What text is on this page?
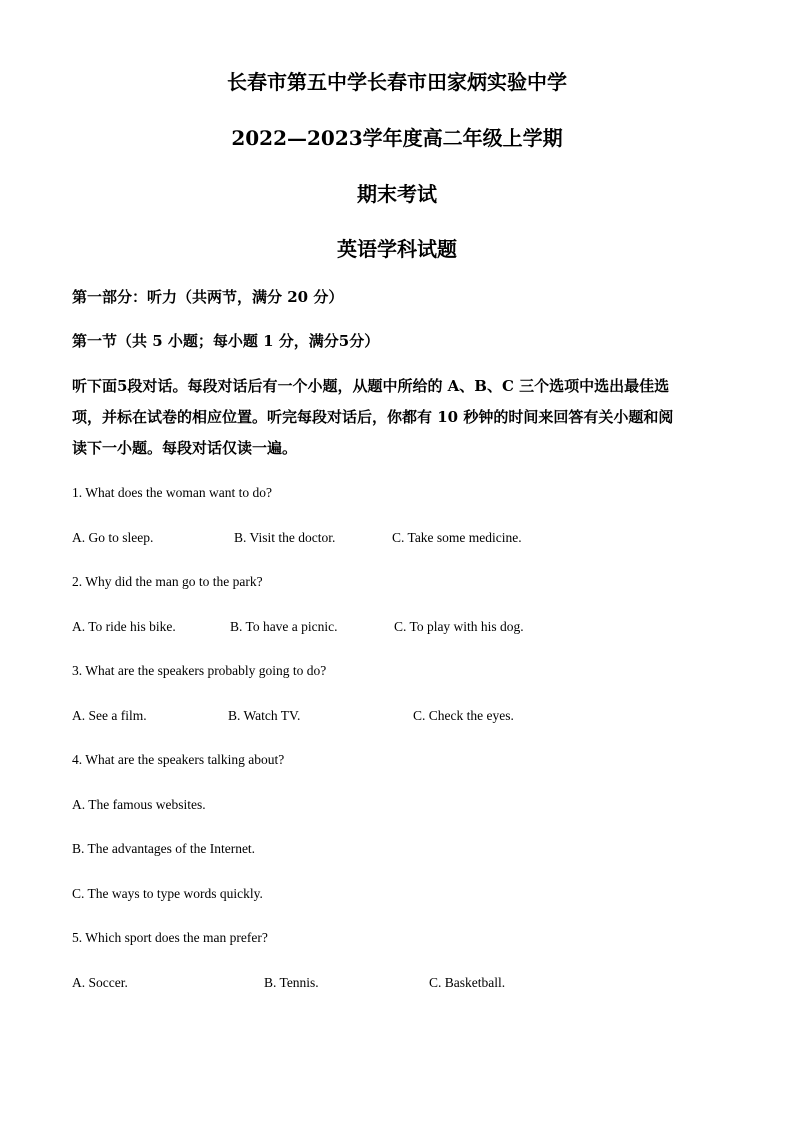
长春市第五中学长春市田家炳实验中学
2022—2023学年度高二年级上学期
期末考试
英语学科试题
第一部分：听力（共两节，满分 20 分）
第一节（共 5 小题；每小题 1 分，满分5分）
听下面5段对话。每段对话后有一个小题，从题中所给的 A、B、C 三个选项中选出最佳选
项，并标在试卷的相应位置。听完每段对话后，你都有 10 秒钟的时间来回答有关小题和阅
读下一小题。每段对话仅读一遍。
1. What does the woman want to do?
A. Go to sleep.	B. Visit the doctor.	C. Take some medicine.
2. Why did the man go to the park?
A. To ride his bike.	B. To have a picnic.	C. To play with his dog.
3. What are the speakers probably going to do?
A. See a film.	B. Watch TV.	C. Check the eyes.
4. What are the speakers talking about?
A. The famous websites.
B. The advantages of the Internet.
C. The ways to type words quickly.
5. Which sport does the man prefer?
A. Soccer.	B. Tennis.	C. Basketball.
